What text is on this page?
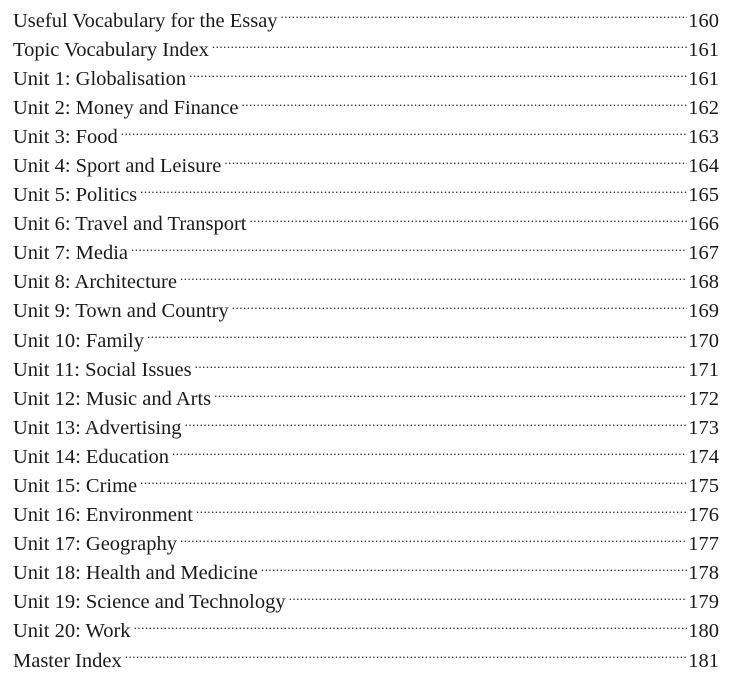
Useful Vocabulary for the Essay .....	160
Topic Vocabulary Index .....	161
Unit 1: Globalisation .....	161
Unit 2: Money and Finance .....	162
Unit 3: Food .....	163
Unit 4: Sport and Leisure .....	164
Unit 5: Politics .....	165
Unit 6: Travel and Transport .....	166
Unit 7: Media .....	167
Unit 8: Architecture .....	168
Unit 9: Town and Country .....	169
Unit 10: Family .....	170
Unit 11: Social Issues .....	171
Unit 12: Music and Arts .....	172
Unit 13: Advertising .....	173
Unit 14: Education .....	174
Unit 15: Crime .....	175
Unit 16: Environment .....	176
Unit 17: Geography .....	177
Unit 18: Health and Medicine .....	178
Unit 19: Science and Technology .....	179
Unit 20: Work .....	180
Master Index .....	181
